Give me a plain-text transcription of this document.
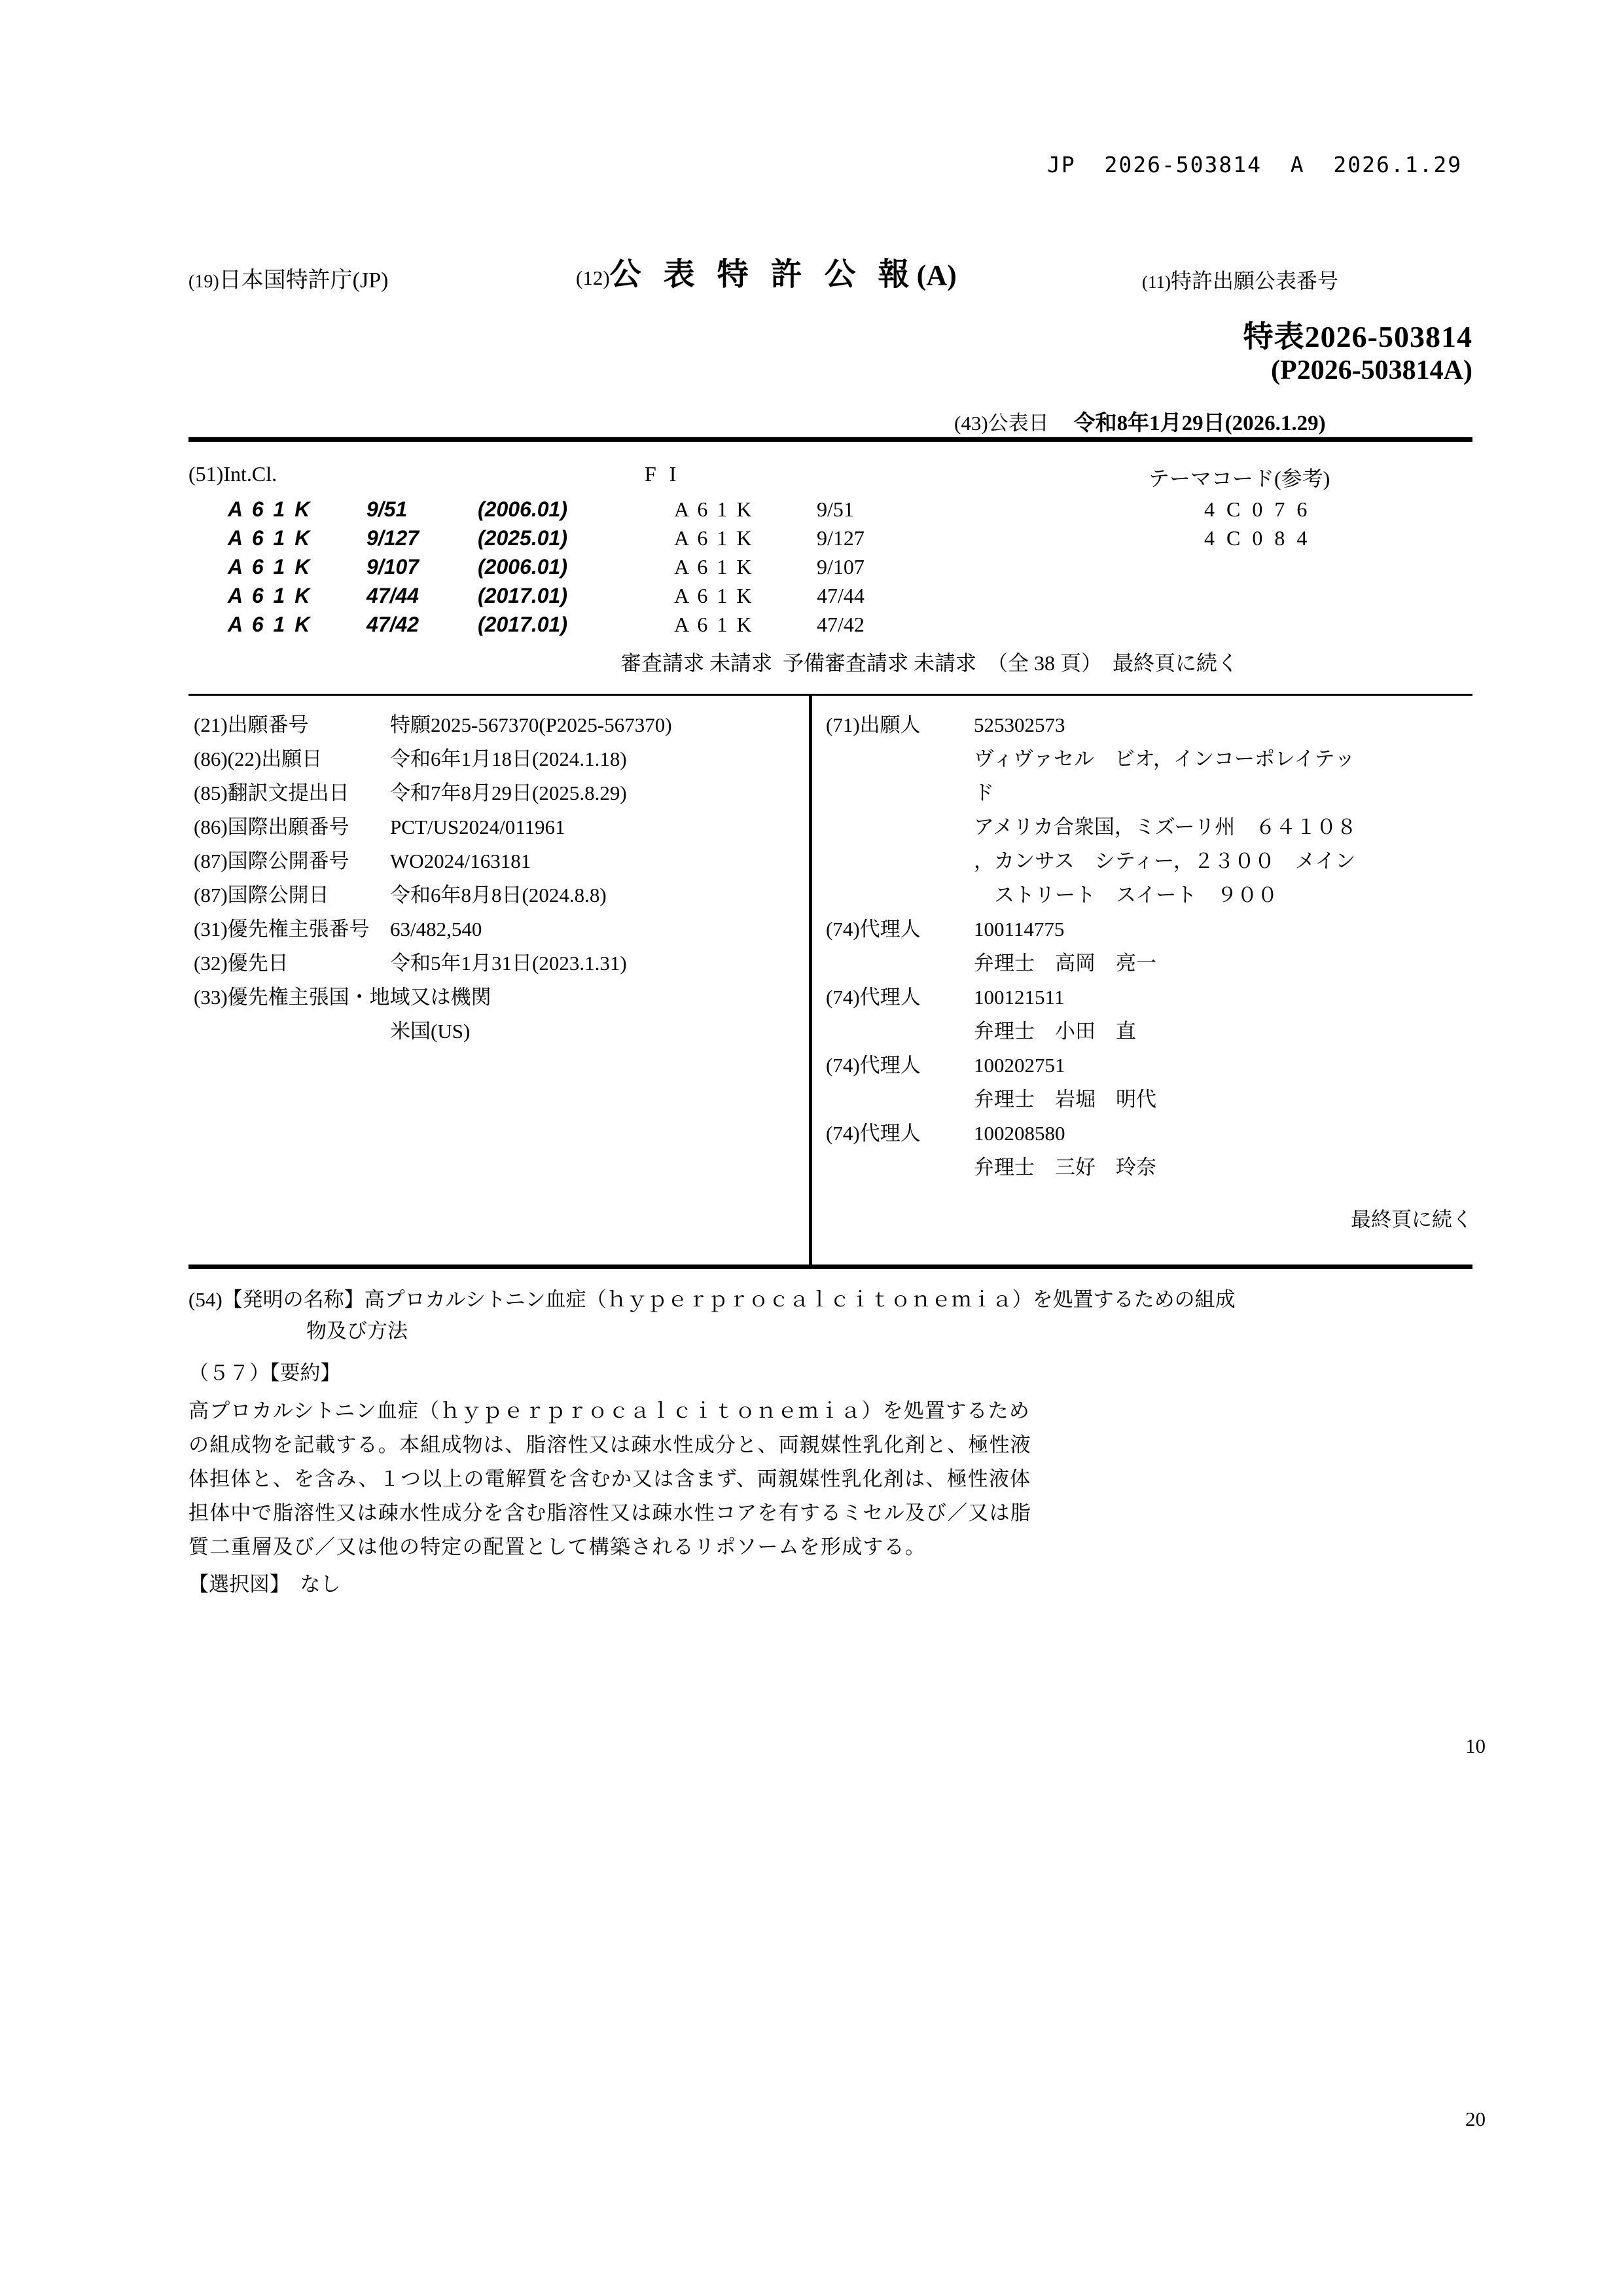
JP  2026-503814  A  2026.1.29
(19)日本国特許庁(JP)	(12)公 表 特 許 公 報(A)	(11)特許出願公表番号
特表2026-503814
(P2026-503814A)
(43)公表日 令和8年1月29日(2026.1.29)
(51)Int.Cl.	F I	テーマコード(参考)
A 6 1 K	9/51	(2006.01)	A 6 1 K	9/51	4 C 0 7 6
A 6 1 K	9/127	(2025.01)	A 6 1 K	9/127	4 C 0 8 4
A 6 1 K	9/107	(2006.01)	A 6 1 K	9/107
A 6 1 K	47/44	(2017.01)	A 6 1 K	47/44
A 6 1 K	47/42	(2017.01)	A 6 1 K	47/42
審査請求 未請求  予備審査請求 未請求  （全 38 頁）  最終頁に続く
(21)出願番号	特願2025-567370(P2025-567370)
(86)(22)出願日	令和6年1月18日(2024.1.18)
(85)翻訳文提出日	令和7年8月29日(2025.8.29)
(86)国際出願番号	PCT/US2024/011961
(87)国際公開番号	WO2024/163181
(87)国際公開日	令和6年8月8日(2024.8.8)
(31)優先権主張番号	63/482,540
(32)優先日	令和5年1月31日(2023.1.31)
(33)優先権主張国・地域又は機関
米国(US)
(71)出願人	525302573
ヴィヴァセル　ビオ，インコーポレイテッ
ド
アメリカ合衆国，ミズーリ州　６４１０８
，カンサス　シティー，２３００　メイン
　ストリート　スイート　９００
(74)代理人	100114775
弁理士　 高岡　亮一
(74)代理人	100121511
弁理士　 小田　直
(74)代理人	100202751
弁理士　 岩堀　明代
(74)代理人	100208580
弁理士　 三好　玲奈
最終頁に続く
(54)【発明の名称】高プロカルシトニン血症（ｈｙｐｅｒｐｒｏｃａｌｃｉｔｏｎｅｍｉａ）を処置するための組成
物及び方法
（５７）【要約】

高プロカルシトニン血症（ｈｙｐｅｒｐｒｏｃａｌｃｉｔｏｎｅｍｉａ）を処置するため

の組成物を記載する。本組成物は、脂溶性又は疎水性成分と、両親媒性乳化剤と、極性液

体担体と、を含み、１つ以上の電解質を含むか又は含まず、両親媒性乳化剤は、極性液体

担体中で脂溶性又は疎水性成分を含む脂溶性又は疎水性コアを有するミセル及び／又は脂

質二重層及び／又は他の特定の配置として構築されるリポソームを形成する。

【選択図】　なし
10
20
